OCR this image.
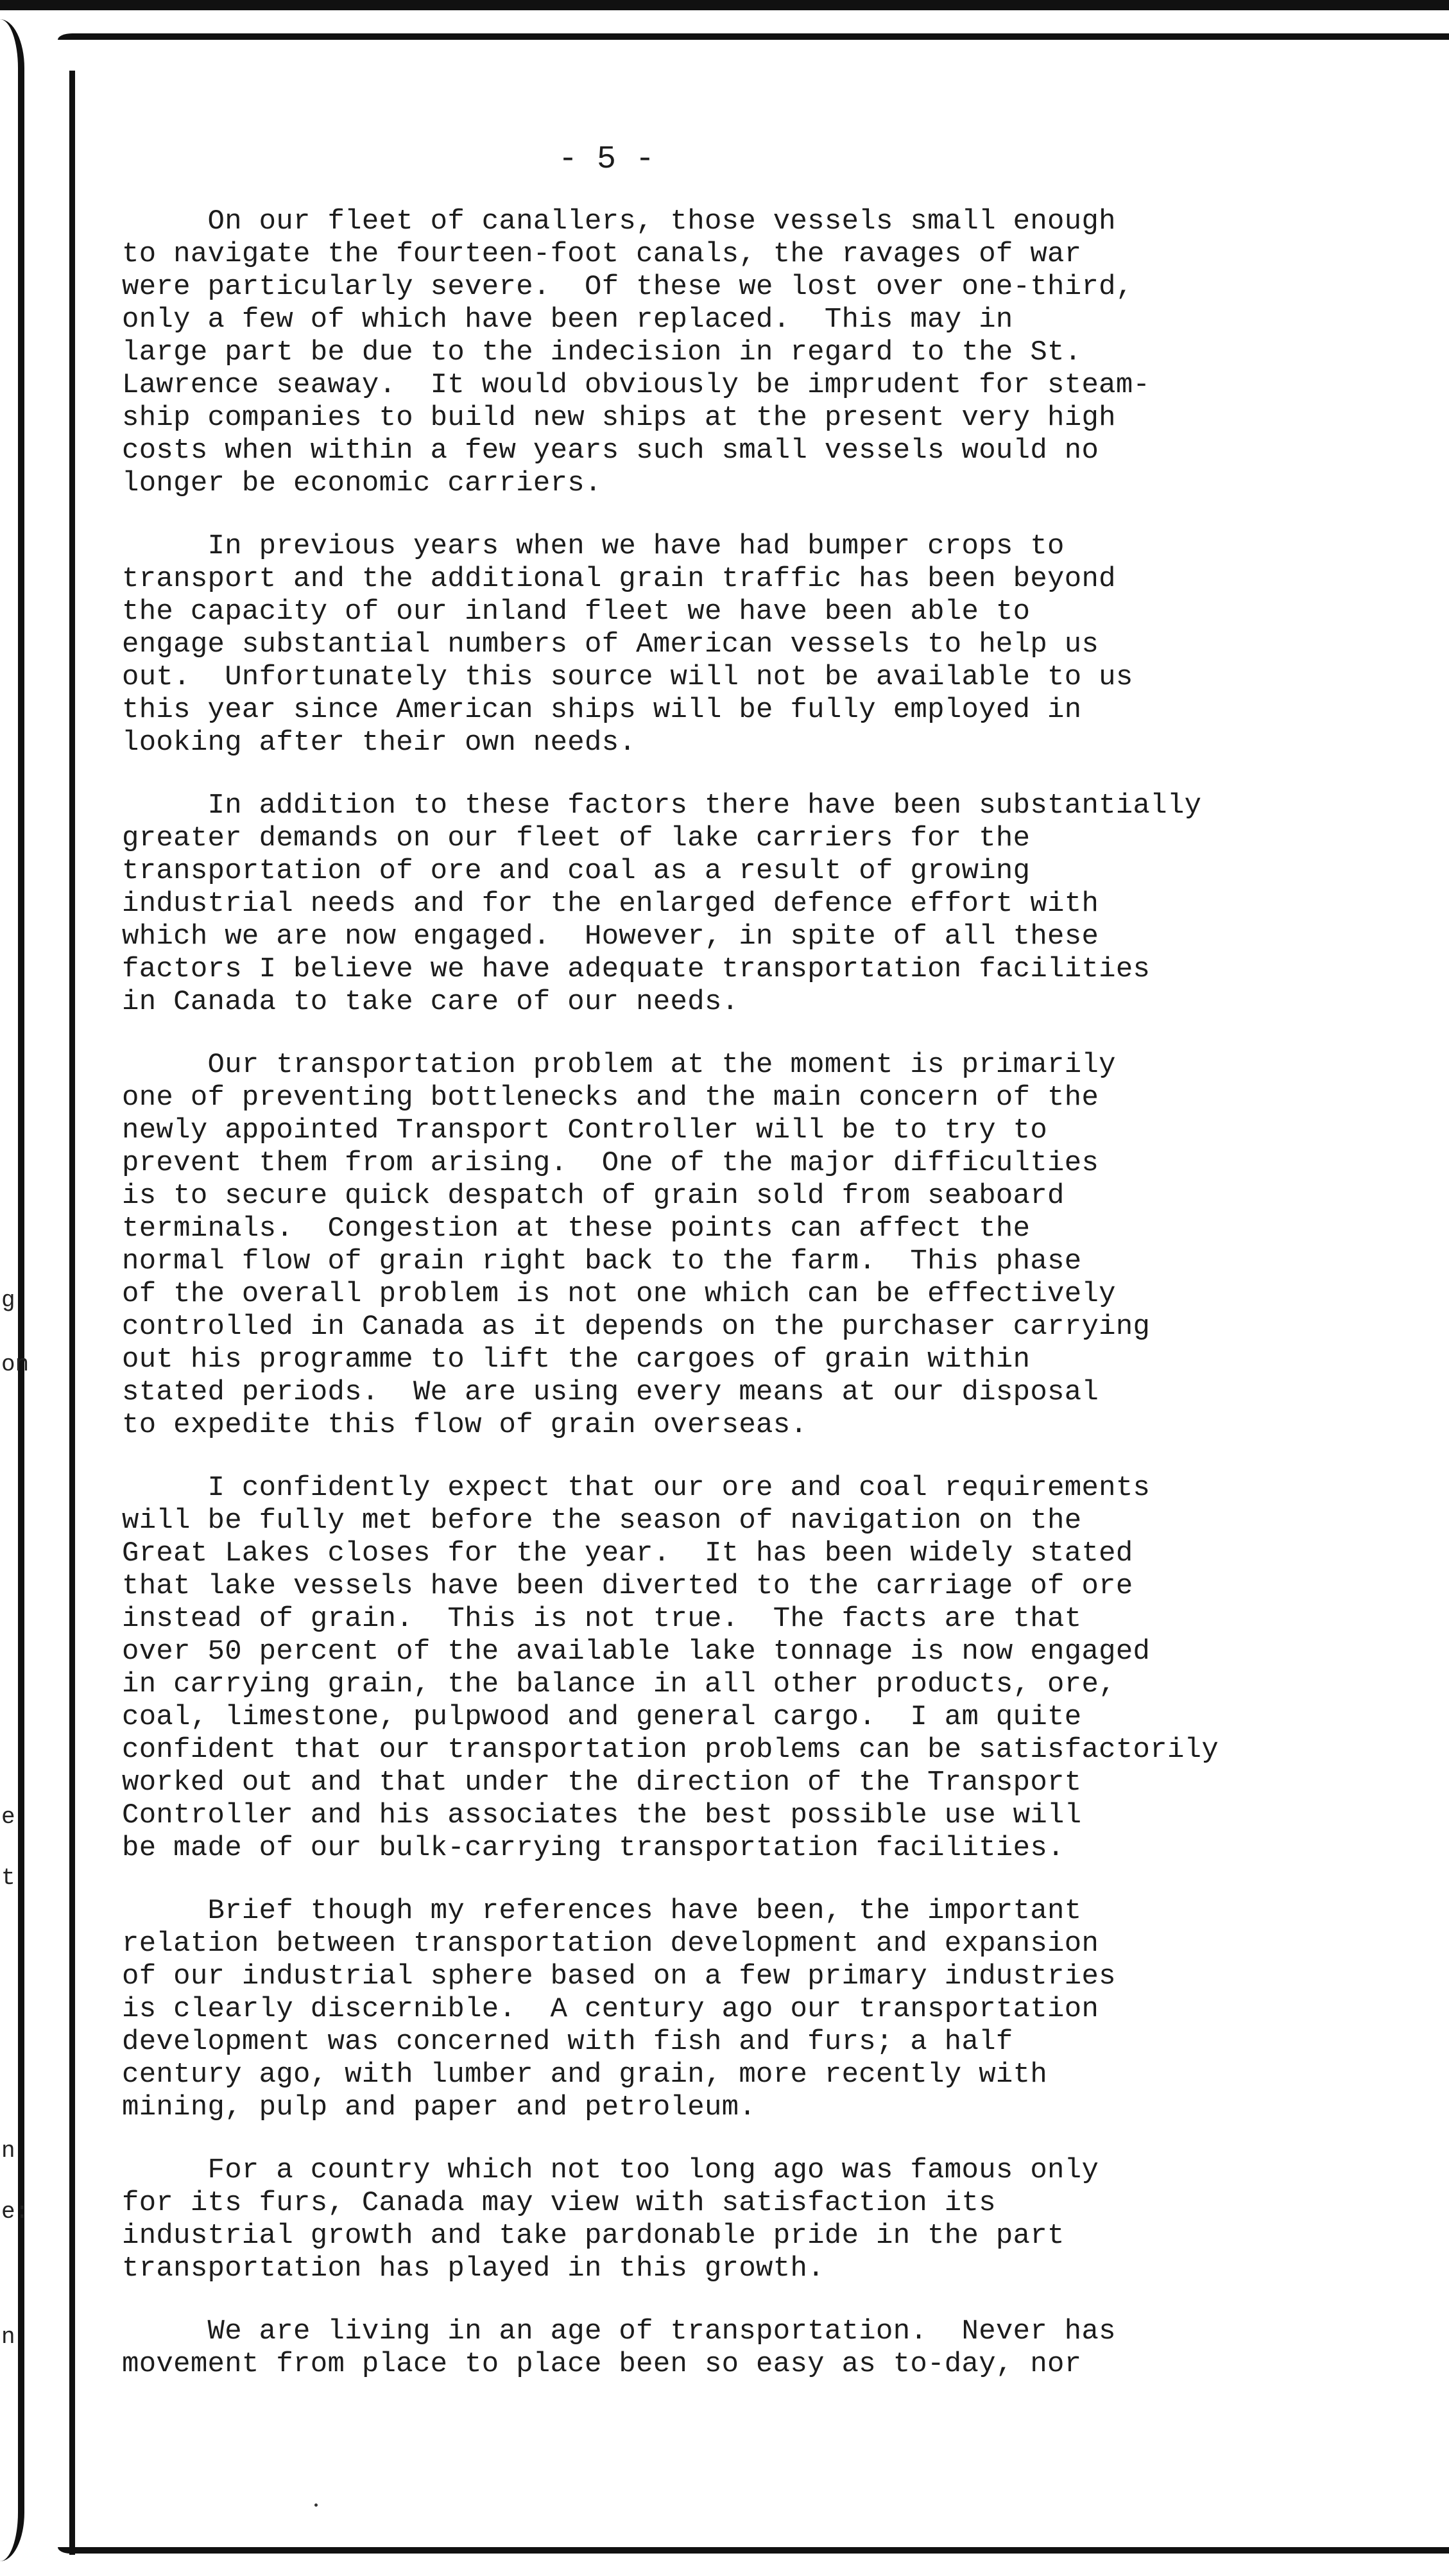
g
on
e
t
n
e:
n
- 5 -
On our fleet of canallers, those vessels small enough
to navigate the fourteen-foot canals, the ravages of war
were particularly severe.  Of these we lost over one-third,
only a few of which have been replaced.  This may in
large part be due to the indecision in regard to the St.
Lawrence seaway.  It would obviously be imprudent for steam-
ship companies to build new ships at the present very high
costs when within a few years such small vessels would no
longer be economic carriers.
In previous years when we have had bumper crops to
transport and the additional grain traffic has been beyond
the capacity of our inland fleet we have been able to
engage substantial numbers of American vessels to help us
out.  Unfortunately this source will not be available to us
this year since American ships will be fully employed in
looking after their own needs.
In addition to these factors there have been substantially
greater demands on our fleet of lake carriers for the
transportation of ore and coal as a result of growing
industrial needs and for the enlarged defence effort with
which we are now engaged.  However, in spite of all these
factors I believe we have adequate transportation facilities
in Canada to take care of our needs.
Our transportation problem at the moment is primarily
one of preventing bottlenecks and the main concern of the
newly appointed Transport Controller will be to try to
prevent them from arising.  One of the major difficulties
is to secure quick despatch of grain sold from seaboard
terminals.  Congestion at these points can affect the
normal flow of grain right back to the farm.  This phase
of the overall problem is not one which can be effectively
controlled in Canada as it depends on the purchaser carrying
out his programme to lift the cargoes of grain within
stated periods.  We are using every means at our disposal
to expedite this flow of grain overseas.
I confidently expect that our ore and coal requirements
will be fully met before the season of navigation on the
Great Lakes closes for the year.  It has been widely stated
that lake vessels have been diverted to the carriage of ore
instead of grain.  This is not true.  The facts are that
over 50 percent of the available lake tonnage is now engaged
in carrying grain, the balance in all other products, ore,
coal, limestone, pulpwood and general cargo.  I am quite
confident that our transportation problems can be satisfactorily
worked out and that under the direction of the Transport
Controller and his associates the best possible use will
be made of our bulk-carrying transportation facilities.
Brief though my references have been, the important
relation between transportation development and expansion
of our industrial sphere based on a few primary industries
is clearly discernible.  A century ago our transportation
development was concerned with fish and furs; a half
century ago, with lumber and grain, more recently with
mining, pulp and paper and petroleum.
For a country which not too long ago was famous only
for its furs, Canada may view with satisfaction its
industrial growth and take pardonable pride in the part
transportation has played in this growth.
We are living in an age of transportation.  Never has
movement from place to place been so easy as to-day, nor
